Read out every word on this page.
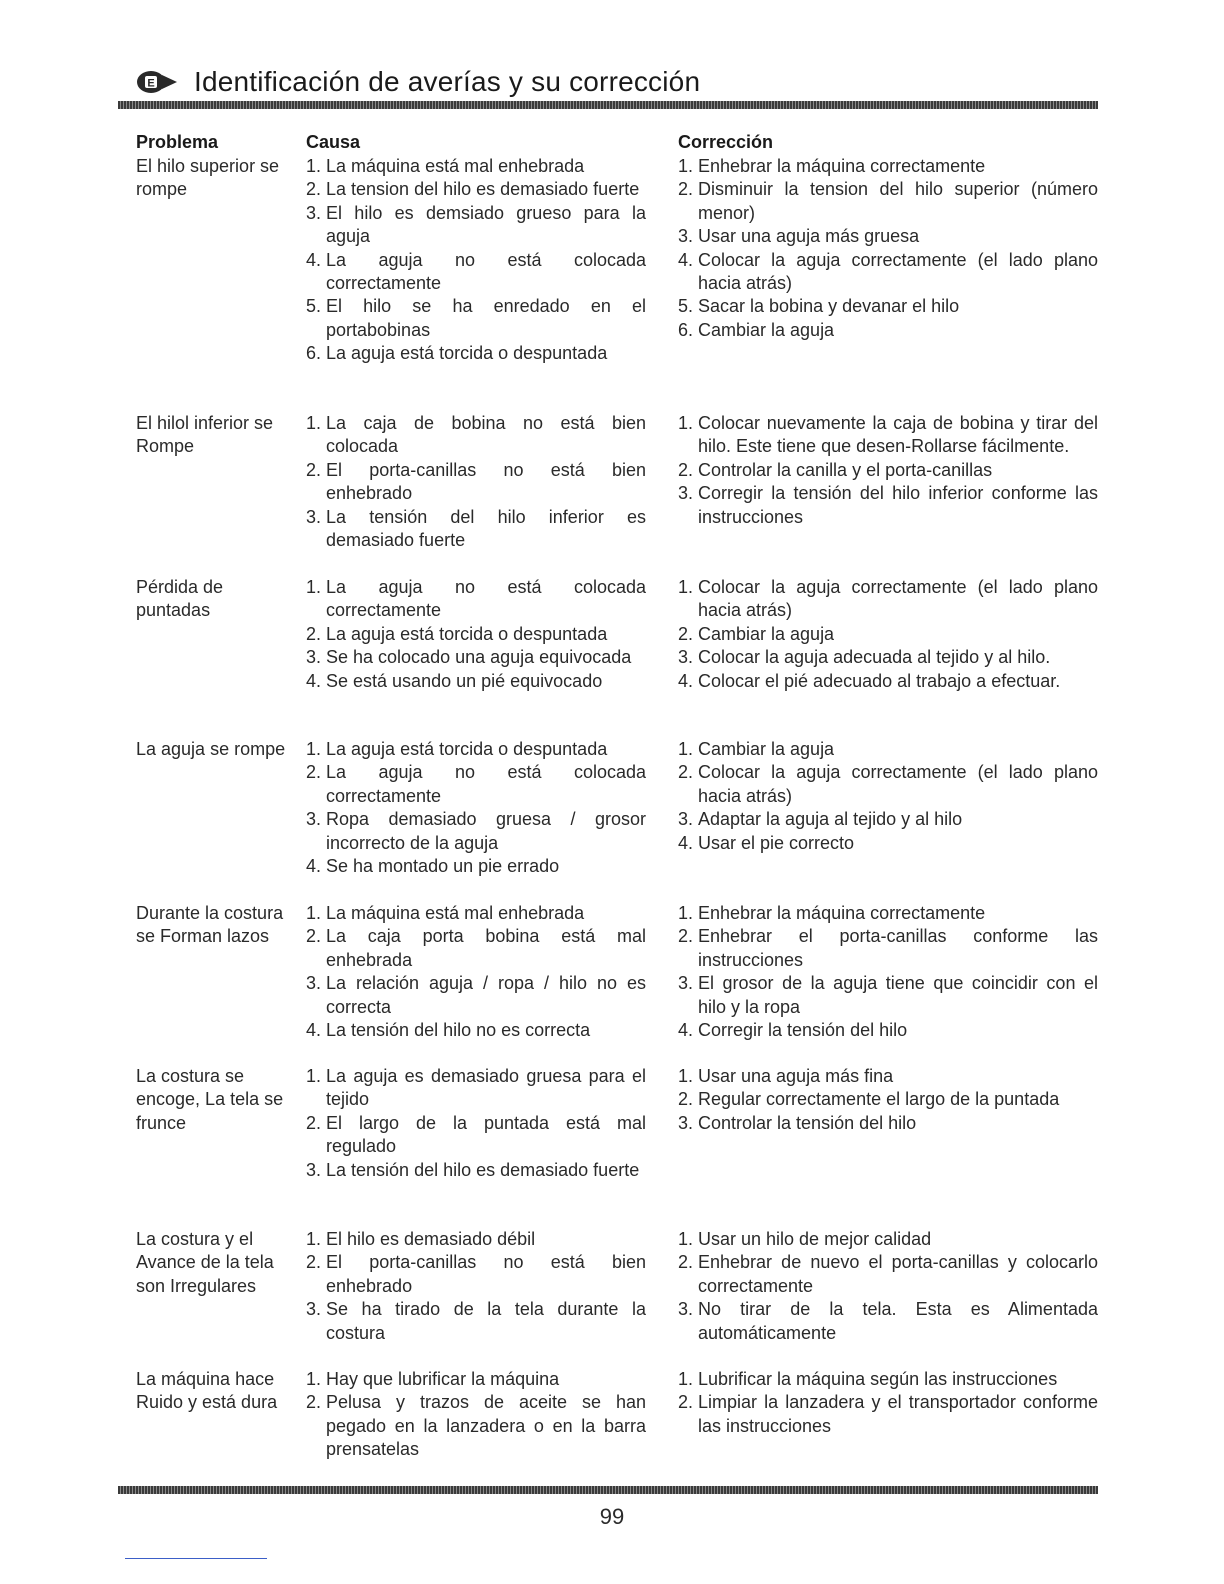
E Identificación de averías y su corrección
Problema	Causa	Corrección
El hilo superior se rompe
1. La máquina está mal enhebrada
2. La tension del hilo es demasiado fuerte
3. El hilo es demsiado grueso para la aguja
4. La aguja no está colocada correctamente
5. El hilo se ha enredado en el portabobinas
6. La aguja está torcida o despuntada
1. Enhebrar la máquina correctamente
2. Disminuir la tension del hilo superior (número menor)
3. Usar una aguja más gruesa
4. Colocar la aguja correctamente (el lado plano hacia atrás)
5. Sacar la bobina y devanar el hilo
6. Cambiar la aguja
El hilol inferior se Rompe
1. La caja de bobina no está bien colocada
2. El porta-canillas no está bien enhebrado
3. La tensión del hilo inferior es demasiado fuerte
1. Colocar nuevamente la caja de bobina y tirar del hilo. Este tiene que desen-Rollarse fácilmente.
2. Controlar la canilla y el porta-canillas
3. Corregir la tensión del hilo inferior conforme las instrucciones
Pérdida de puntadas
1. La aguja no está colocada correctamente
2. La aguja está torcida o despuntada
3. Se ha colocado una aguja equivocada
4. Se está usando un pié equivocado
1. Colocar la aguja correctamente (el lado plano hacia atrás)
2. Cambiar la aguja
3. Colocar la aguja adecuada al tejido y al hilo.
4. Colocar el pié adecuado al trabajo a efectuar.
La aguja se rompe 1. La aguja está torcida o despuntada
2. La aguja no está colocada correctamente
3. Ropa demasiado gruesa / grosor incorrecto de la aguja
4. Se ha montado un pie errado
1. Cambiar la aguja
2. Colocar la aguja correctamente (el lado plano hacia atrás)
3. Adaptar la aguja al tejido y al hilo
4. Usar el pie correcto
Durante la costura se Forman lazos
1. La máquina está mal enhebrada
2. La caja porta bobina está mal enhebrada
3. La relación aguja / ropa / hilo no es correcta
4. La tensión del hilo no es correcta
1. Enhebrar la máquina correctamente
2. Enhebrar el porta-canillas conforme las instrucciones
3. El grosor de la aguja tiene que coincidir con el hilo y la ropa
4. Corregir la tensión del hilo
La costura se encoge, La tela se frunce
1. La aguja es demasiado gruesa para el tejido
2. El largo de la puntada está mal regulado
3. La tensión del hilo es demasiado fuerte
1. Usar una aguja más fina
2. Regular correctamente el largo de la puntada
3. Controlar la tensión del hilo
La costura y el Avance de la tela son Irregulares
1. El hilo es demasiado débil
2. El porta-canillas no está bien enhebrado
3. Se ha tirado de la tela durante la costura
1. Usar un hilo de mejor calidad
2. Enhebrar de nuevo el porta-canillas y colocarlo correctamente
3. No tirar de la tela. Esta es Alimentada automáticamente
La máquina hace Ruido y está dura
1. Hay que lubrificar la máquina
2. Pelusa y trazos de aceite se han pegado en la lanzadera o en la barra prensatelas
1. Lubrificar la máquina según las instrucciones
2. Limpiar la lanzadera y el transportador conforme las instrucciones
99
